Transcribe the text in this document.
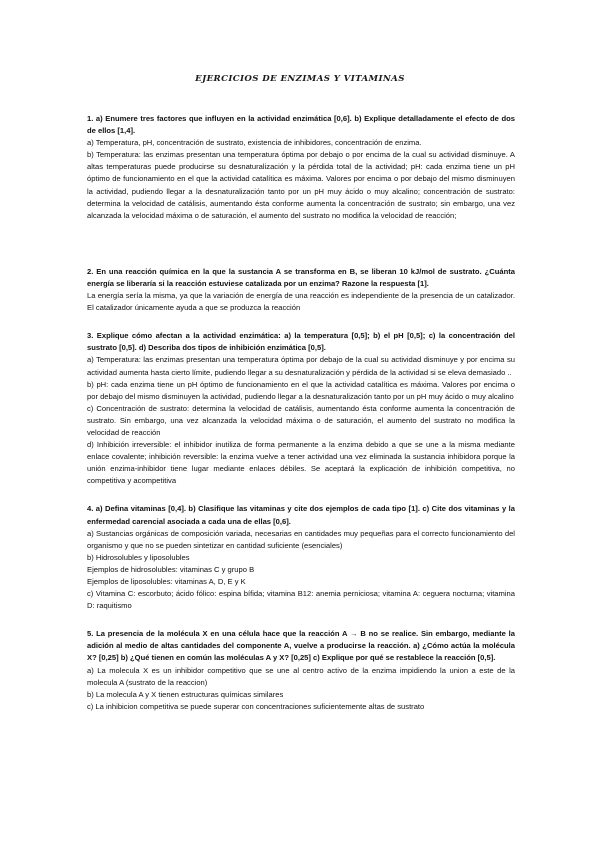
EJERCICIOS DE ENZIMAS Y VITAMINAS

1. a) Enumere tres factores que influyen en la actividad enzimática [0,6]. b) Explique detalladamente el efecto de dos de ellos [1,4].

a) Temperatura, pH, concentración de sustrato, existencia de inhibidores, concentración de enzima.

b) Temperatura: las enzimas presentan una temperatura óptima por debajo o por encima de la cual su actividad disminuye. A altas temperaturas puede producirse su desnaturalización y la pérdida total de la actividad; pH: cada enzima tiene un pH óptimo de funcionamiento en el que la actividad catalítica es máxima. Valores por encima o por debajo del mismo disminuyen la actividad, pudiendo llegar a la desnaturalización tanto por un pH muy ácido o muy alcalino; concentración de sustrato: determina la velocidad de catálisis, aumentando ésta conforme aumenta la concentración de sustrato; sin embargo, una vez alcanzada la velocidad máxima o de saturación, el aumento del sustrato no modifica la velocidad de reacción;

2. En una reacción química en la que la sustancia A se transforma en B, se liberan 10 kJ/mol de sustrato. ¿Cuánta energía se liberaría si la reacción estuviese catalizada por un enzima? Razone la respuesta [1].

La energía sería la misma, ya que la variación de energía de una reacción es independiente de la presencia de un catalizador. El catalizador únicamente ayuda a que se produzca la reacción

3. Explique cómo afectan a la actividad enzimática: a) la temperatura [0,5]; b) el pH [0,5]; c) la concentración del sustrato [0,5]. d) Describa dos tipos de inhibición enzimática [0,5].

a) Temperatura: las enzimas presentan una temperatura óptima por debajo de la cual su actividad disminuye y por encima su actividad aumenta hasta cierto límite, pudiendo llegar a su desnaturalización y pérdida de la actividad si se eleva demasiado ..

b) pH: cada enzima tiene un pH óptimo de funcionamiento en el que la actividad catalítica es máxima. Valores por encima o por debajo del mismo disminuyen la actividad, pudiendo llegar a la desnaturalización tanto por un pH muy ácido o muy alcalino

c) Concentración de sustrato: determina la velocidad de catálisis, aumentando ésta conforme aumenta la concentración de sustrato. Sin embargo, una vez alcanzada la velocidad máxima o de saturación, el aumento del sustrato no modifica la velocidad de reacción

d) Inhibición irreversible: el inhibidor inutiliza de forma permanente a la enzima debido a que se une a la misma mediante enlace covalente; inhibición reversible: la enzima vuelve a tener actividad una vez eliminada la sustancia inhibidora porque la unión enzima-inhibidor tiene lugar mediante enlaces débiles. Se aceptará la explicación de inhibición competitiva, no competitiva y acompetitiva

4. a) Defina vitaminas [0,4]. b) Clasifique las vitaminas y cite dos ejemplos de cada tipo [1]. c) Cite dos vitaminas y la enfermedad carencial asociada a cada una de ellas [0,6].

a) Sustancias orgánicas de composición variada, necesarias en cantidades muy pequeñas para el correcto funcionamiento del organismo y que no se pueden sintetizar en cantidad suficiente (esenciales)

b) Hidrosolubles y liposolubles

Ejemplos de hidrosolubles: vitaminas C y grupo B

Ejemplos de liposolubles: vitaminas A, D, E y K

c) Vitamina C: escorbuto; ácido fólico: espina bífida; vitamina B12: anemia perniciosa; vitamina A: ceguera nocturna; vitamina D: raquitismo

5. La presencia de la molécula X en una célula hace que la reacción A → B no se realice. Sin embargo, mediante la adición al medio de altas cantidades del componente A, vuelve a producirse la reacción. a) ¿Cómo actúa la molécula X? [0,25] b) ¿Qué tienen en común las moléculas A y X? [0,25] c) Explique por qué se restablece la reacción [0,5].

a) La molecula X es un inhibidor competitivo que se une al centro activo de la enzima impidiendo la union a este de la molecula A (sustrato de la reaccion)

b) La molecula A y X tienen estructuras químicas similares

c) La inhibicion competitiva se puede superar con concentraciones suficientemente altas de sustrato
